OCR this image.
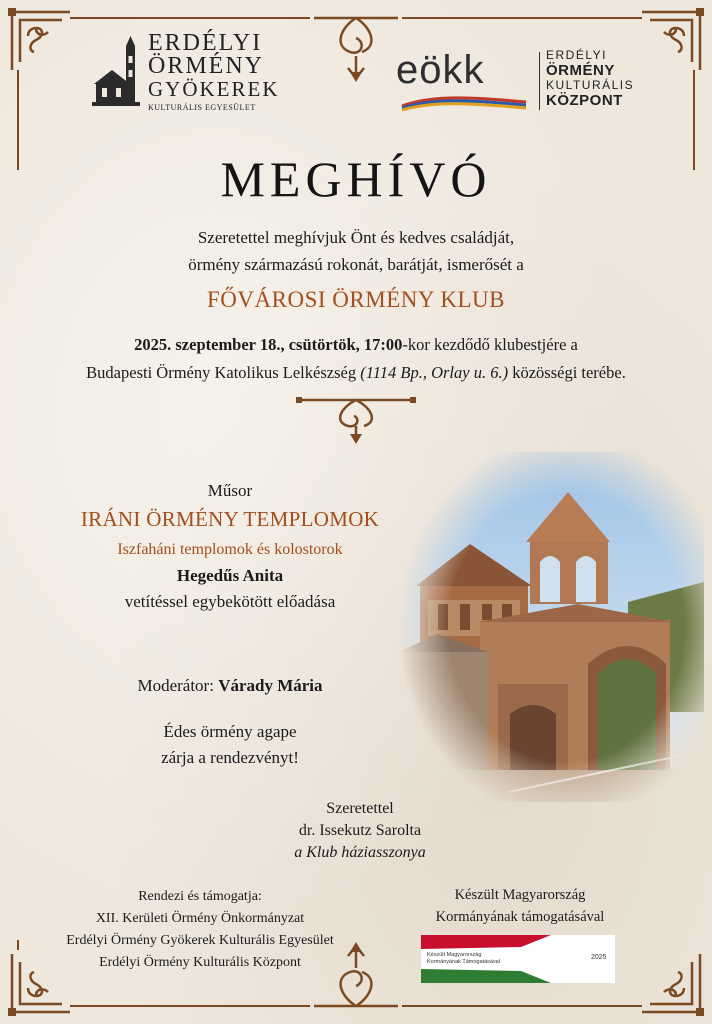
ERDÉLYI
ÖRMÉNY
GYÖKEREK
KULTURÁLIS EGYESÜLET
eökk	ERDÉLYI
ÖRMÉNY
KULTURÁLIS
KÖZPONT
MEGHÍVÓ
Szeretettel meghívjuk Önt és kedves családját,
örmény származású rokonát, barátját, ismerősét a
FŐVÁROSI ÖRMÉNY KLUB
2025. szeptember 18., csütörtök, 17:00-kor kezdődő klubestjére a
Budapesti Örmény Katolikus Lelkészség (1114 Bp., Orlay u. 6.) közösségi terébe.
Műsor
IRÁNI ÖRMÉNY TEMPLOMOK
Iszfaháni templomok és kolostorok
Hegedűs Anita
vetítéssel egybekötött előadása
Moderátor: Várady Mária
Édes örmény agape
zárja a rendezvényt!
Szeretettel
dr. Issekutz Sarolta
a Klub háziasszonya
Rendezi és támogatja:
XII. Kerületi Örmény Önkormányzat
Erdélyi Örmény Gyökerek Kulturális Egyesület
Erdélyi Örmény Kulturális Központ
Készült Magyarország
Kormányának támogatásával
Készült Magyarország
Kormányának Támogatásával
2025
